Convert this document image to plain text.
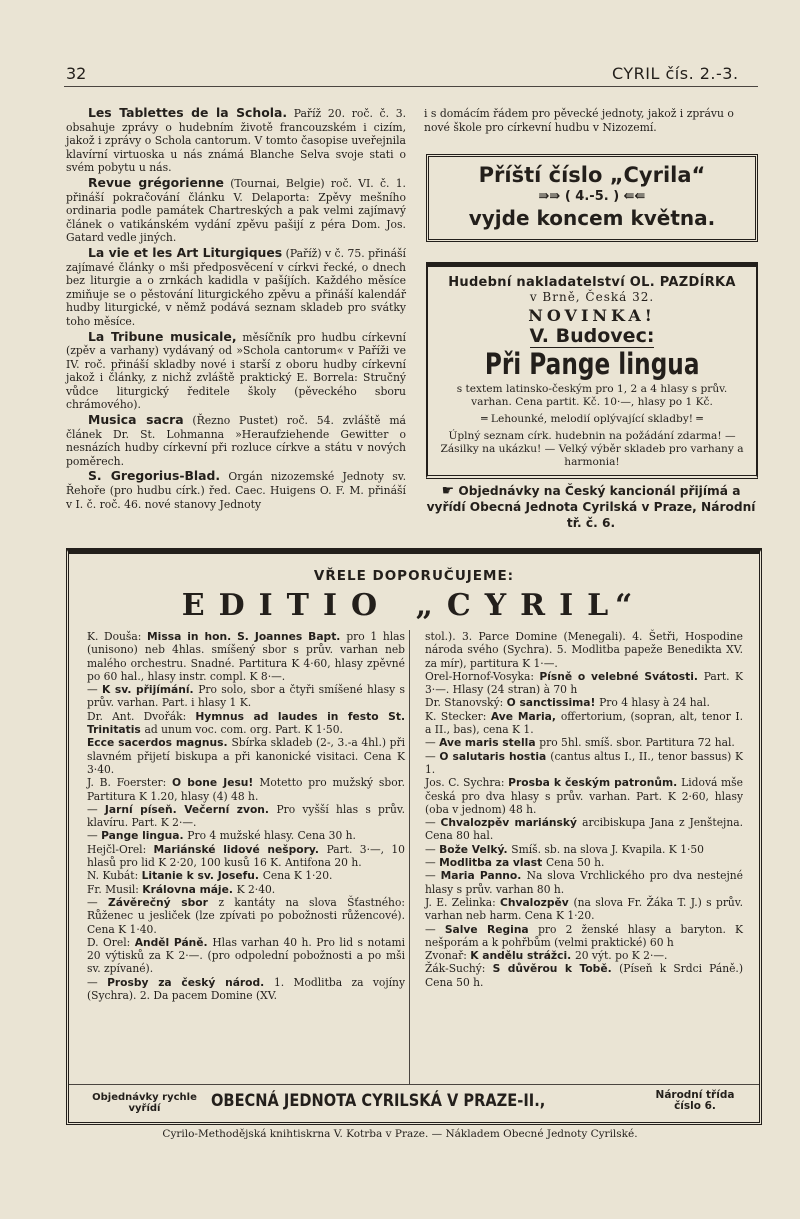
32	CYRIL čís. 2.-3.

Les Tablettes de la Schola. Paříž 20. roč. č. 3. obsahuje zprávy o hudebním životě francouzském i cizím, jakož i zprávy o Schola cantorum. V tomto časopise uveřejnila klavírní virtuoska u nás známá Blanche Selva svoje stati o svém pobytu u nás.

Revue grégorienne (Tournai, Belgie) roč. VI. č. 1. přináší pokračování článku V. Delaporta: Zpěvy mešního ordinaria podle památek Chartreských a pak velmi zajímavý článek o vatikánském vydání zpěvu pašijí z péra Dom. Jos. Gatard vedle jiných.

La vie et les Art Liturgiques (Paříž) v č. 75. přináší zajímavé články o mši předposvěcení v církvi řecké, o dnech bez liturgie a o zrnkách kadidla v pašíjích. Každého měsíce zmiňuje se o pěstování liturgického zpěvu a přináší kalendář hudby liturgické, v němž podává seznam skladeb pro svátky toho měsíce.

La Tribune musicale, měsíčník pro hudbu církevní (zpěv a varhany) vydávaný od »Schola cantorum« v Paříži ve IV. roč. přináší skladby nové i starší z oboru hudby církevní jakož i články, z nichž zvláště praktický E. Borrela: Stručný vůdce liturgický ředitele školy (pěveckého sboru chrámového).

Musica sacra (Řezno Pustet) roč. 54. zvláště má článek Dr. St. Lohmanna »Heraufziehende Gewitter o nesnázích hudby církevní při rozluce církve a státu v nových poměrech.

S. Gregorius-Blad. Orgán nizozemské Jednoty sv. Řehoře (pro hudbu círk.) řed. Caec. Huigens O. F. M. přináší v I. č. roč. 46. nové stanovy Jednoty

i s domácím řádem pro pěvecké jednoty, jakož i zprávu o nové škole pro církevní hudbu v Nizozemí.
Příští číslo „Cyrila“
⇛⇛ ( 4.-5. ) ⇚⇚
vyjde koncem května.
Hudební nakladatelství OL. PAZDÍRKA
v Brně, Česká 32.
NOVINKA!
V. Budovec: Při Pange lingua
s textem latinsko-českým pro 1, 2 a 4 hlasy s prův. varhan. Cena partit. Kč. 10·—, hlasy po 1 Kč.
═ Lehounké, melodií oplývající skladby! ═
Úplný seznam círk. hudebnin na požádání zdarma! — Zásilky na ukázku! — Velký výběr skladeb pro varhany a harmonia!
☛ Objednávky na Český kancionál přijímá a vyřídí Obecná Jednota Cyrilská v Praze, Národní tř. č. 6.
VŘELE DOPORUČUJEME:
EDITIO „CYRIL“

K. Douša: Missa in hon. S. Joannes Bapt. pro 1 hlas (unisono) neb 4hlas. smíšený sbor s prův. varhan neb malého orchestru. Snadné. Partitura K 4·60, hlasy zpěvné po 60 hal., hlasy instr. compl. K 8·—.

— K sv. přijímání. Pro solo, sbor a čtyři smíšené hlasy s prův. varhan. Part. i hlasy 1 K.

Dr. Ant. Dvořák: Hymnus ad laudes in festo St. Trinitatis ad unum voc. com. org. Part. K 1·50.

Ecce sacerdos magnus. Sbírka skladeb (2-, 3.-a 4hl.) při slavném přijetí biskupa a při kanonické visitaci. Cena K 3·40.

J. B. Foerster: O bone Jesu! Motetto pro mužský sbor. Partitura K 1.20, hlasy (4) 48 h.

— Jarní píseň. Večerní zvon. Pro vyšší hlas s prův. klavíru. Part. K 2·—.

— Pange lingua. Pro 4 mužské hlasy. Cena 30 h.

Hejčl-Orel: Mariánské lidové nešpory. Part. 3·—, 10 hlasů pro lid K 2·20, 100 kusů 16 K. Antifona 20 h.

N. Kubát: Litanie k sv. Josefu. Cena K 1·20.

Fr. Musil: Královna máje. K 2·40.

— Závěrečný sbor z kantáty na slova Šťastného: Růženec u jesliček (lze zpívati po pobožnosti růžencové). Cena K 1·40.

D. Orel: Anděl Páně. Hlas varhan 40 h. Pro lid s notami 20 výtisků za K 2·—. (pro odpolední pobožnosti a po mši sv. zpívané).

— Prosby za český národ. 1. Modlitba za vojíny (Sychra). 2. Da pacem Domine (XV.

stol.). 3. Parce Domine (Menegali). 4. Šetři, Hospodine národa svého (Sychra). 5. Modlitba papeže Benedikta XV. za mír), partitura K 1·—.

Orel-Hornof-Vosyka: Písně o velebné Svátosti. Part. K 3·—. Hlasy (24 stran) à 70 h

Dr. Stanovský: O sanctissima! Pro 4 hlasy à 24 hal.

K. Stecker: Ave Maria, offertorium, (sopran, alt, tenor I. a II., bas), cena K 1.

— Ave maris stella pro 5hl. smíš. sbor. Partitura 72 hal.

— O salutaris hostia (cantus altus I., II., tenor bassus) K 1.

Jos. C. Sychra: Prosba k českým patronům. Lidová mše česká pro dva hlasy s prův. varhan. Part. K 2·60, hlasy (oba v jednom) 48 h.

— Chvalozpěv mariánský arcibiskupa Jana z Jenštejna. Cena 80 hal.

— Bože Velký. Smíš. sb. na slova J. Kvapila. K 1·50

— Modlitba za vlast Cena 50 h.

— Maria Panno. Na slova Vrchlického pro dva nestejné hlasy s prův. varhan 80 h.

J. E. Zelinka: Chvalozpěv (na slova Fr. Žáka T. J.) s prův. varhan neb harm. Cena K 1·20.

— Salve Regina pro 2 ženské hlasy a baryton. K nešporám a k pohřbům (velmi praktické) 60 h

Zvonař: K andělu strážci. 20 výt. po K 2·—.

Žák-Suchý: S důvěrou k Tobě. (Píseň k Srdci Páně.) Cena 50 h.

Objednávky rychle vyřídí	OBECNÁ JEDNOTA CYRILSKÁ V PRAZE-II.,	Národní třída číslo 6.
Cyrilo-Methodějská knihtiskrna V. Kotrba v Praze. — Nákladem Obecné Jednoty Cyrilské.
